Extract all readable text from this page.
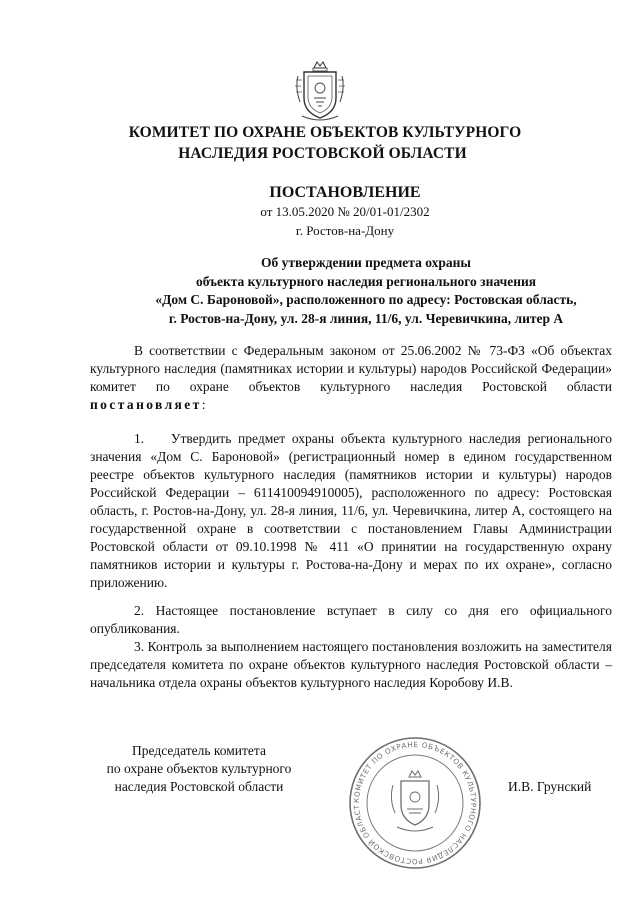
КОМИТЕТ ПО ОХРАНЕ ОБЪЕКТОВ КУЛЬТУРНОГО
НАСЛЕДИЯ РОСТОВСКОЙ ОБЛАСТИ
ПОСТАНОВЛЕНИЕ
от 13.05.2020 № 20/01-01/2302
г. Ростов-на-Дону
Об утверждении предмета охраны
объекта культурного наследия регионального значения
«Дом С. Бароновой», расположенного по адресу: Ростовская область,
г. Ростов-на-Дону, ул. 28-я линия, 11/6, ул. Черевичкина, литер А

В соответствии с Федеральным законом от 25.06.2002 № 73-ФЗ «Об объектах культурного наследия (памятниках истории и культуры) народов Российской Федерации» комитет по охране объектов культурного наследия Ростовской области постановляет:

1.    Утвердить предмет охраны объекта культурного наследия регионального значения «Дом С. Бароновой» (регистрационный номер в едином государственном реестре объектов культурного наследия (памятников истории и культуры) народов Российской Федерации – 611410094910005), расположенного по адресу: Ростовская область, г. Ростов-на-Дону, ул. 28-я линия, 11/6, ул. Черевичкина, литер А, состоящего на государственной охране в соответствии с постановлением Главы Администрации Ростовской области от 09.10.1998 № 411 «О принятии на государственную охрану памятников истории и культуры г. Ростова-на-Дону и мерах по их охране», согласно приложению.

2. Настоящее постановление вступает в силу со дня его официального опубликования.

3. Контроль за выполнением настоящего постановления возложить на заместителя председателя комитета по охране объектов культурного наследия Ростовской области – начальника отдела охраны объектов культурного наследия Коробову И.В.

КОМИТЕТ ПО ОХРАНЕ ОБЪЕКТОВ КУЛЬТУРНОГО НАСЛЕДИЯ РОСТОВСКОЙ ОБЛАСТ
Председатель комитета
по охране объектов культурного
наследия Ростовской области	И.В. Грунский
